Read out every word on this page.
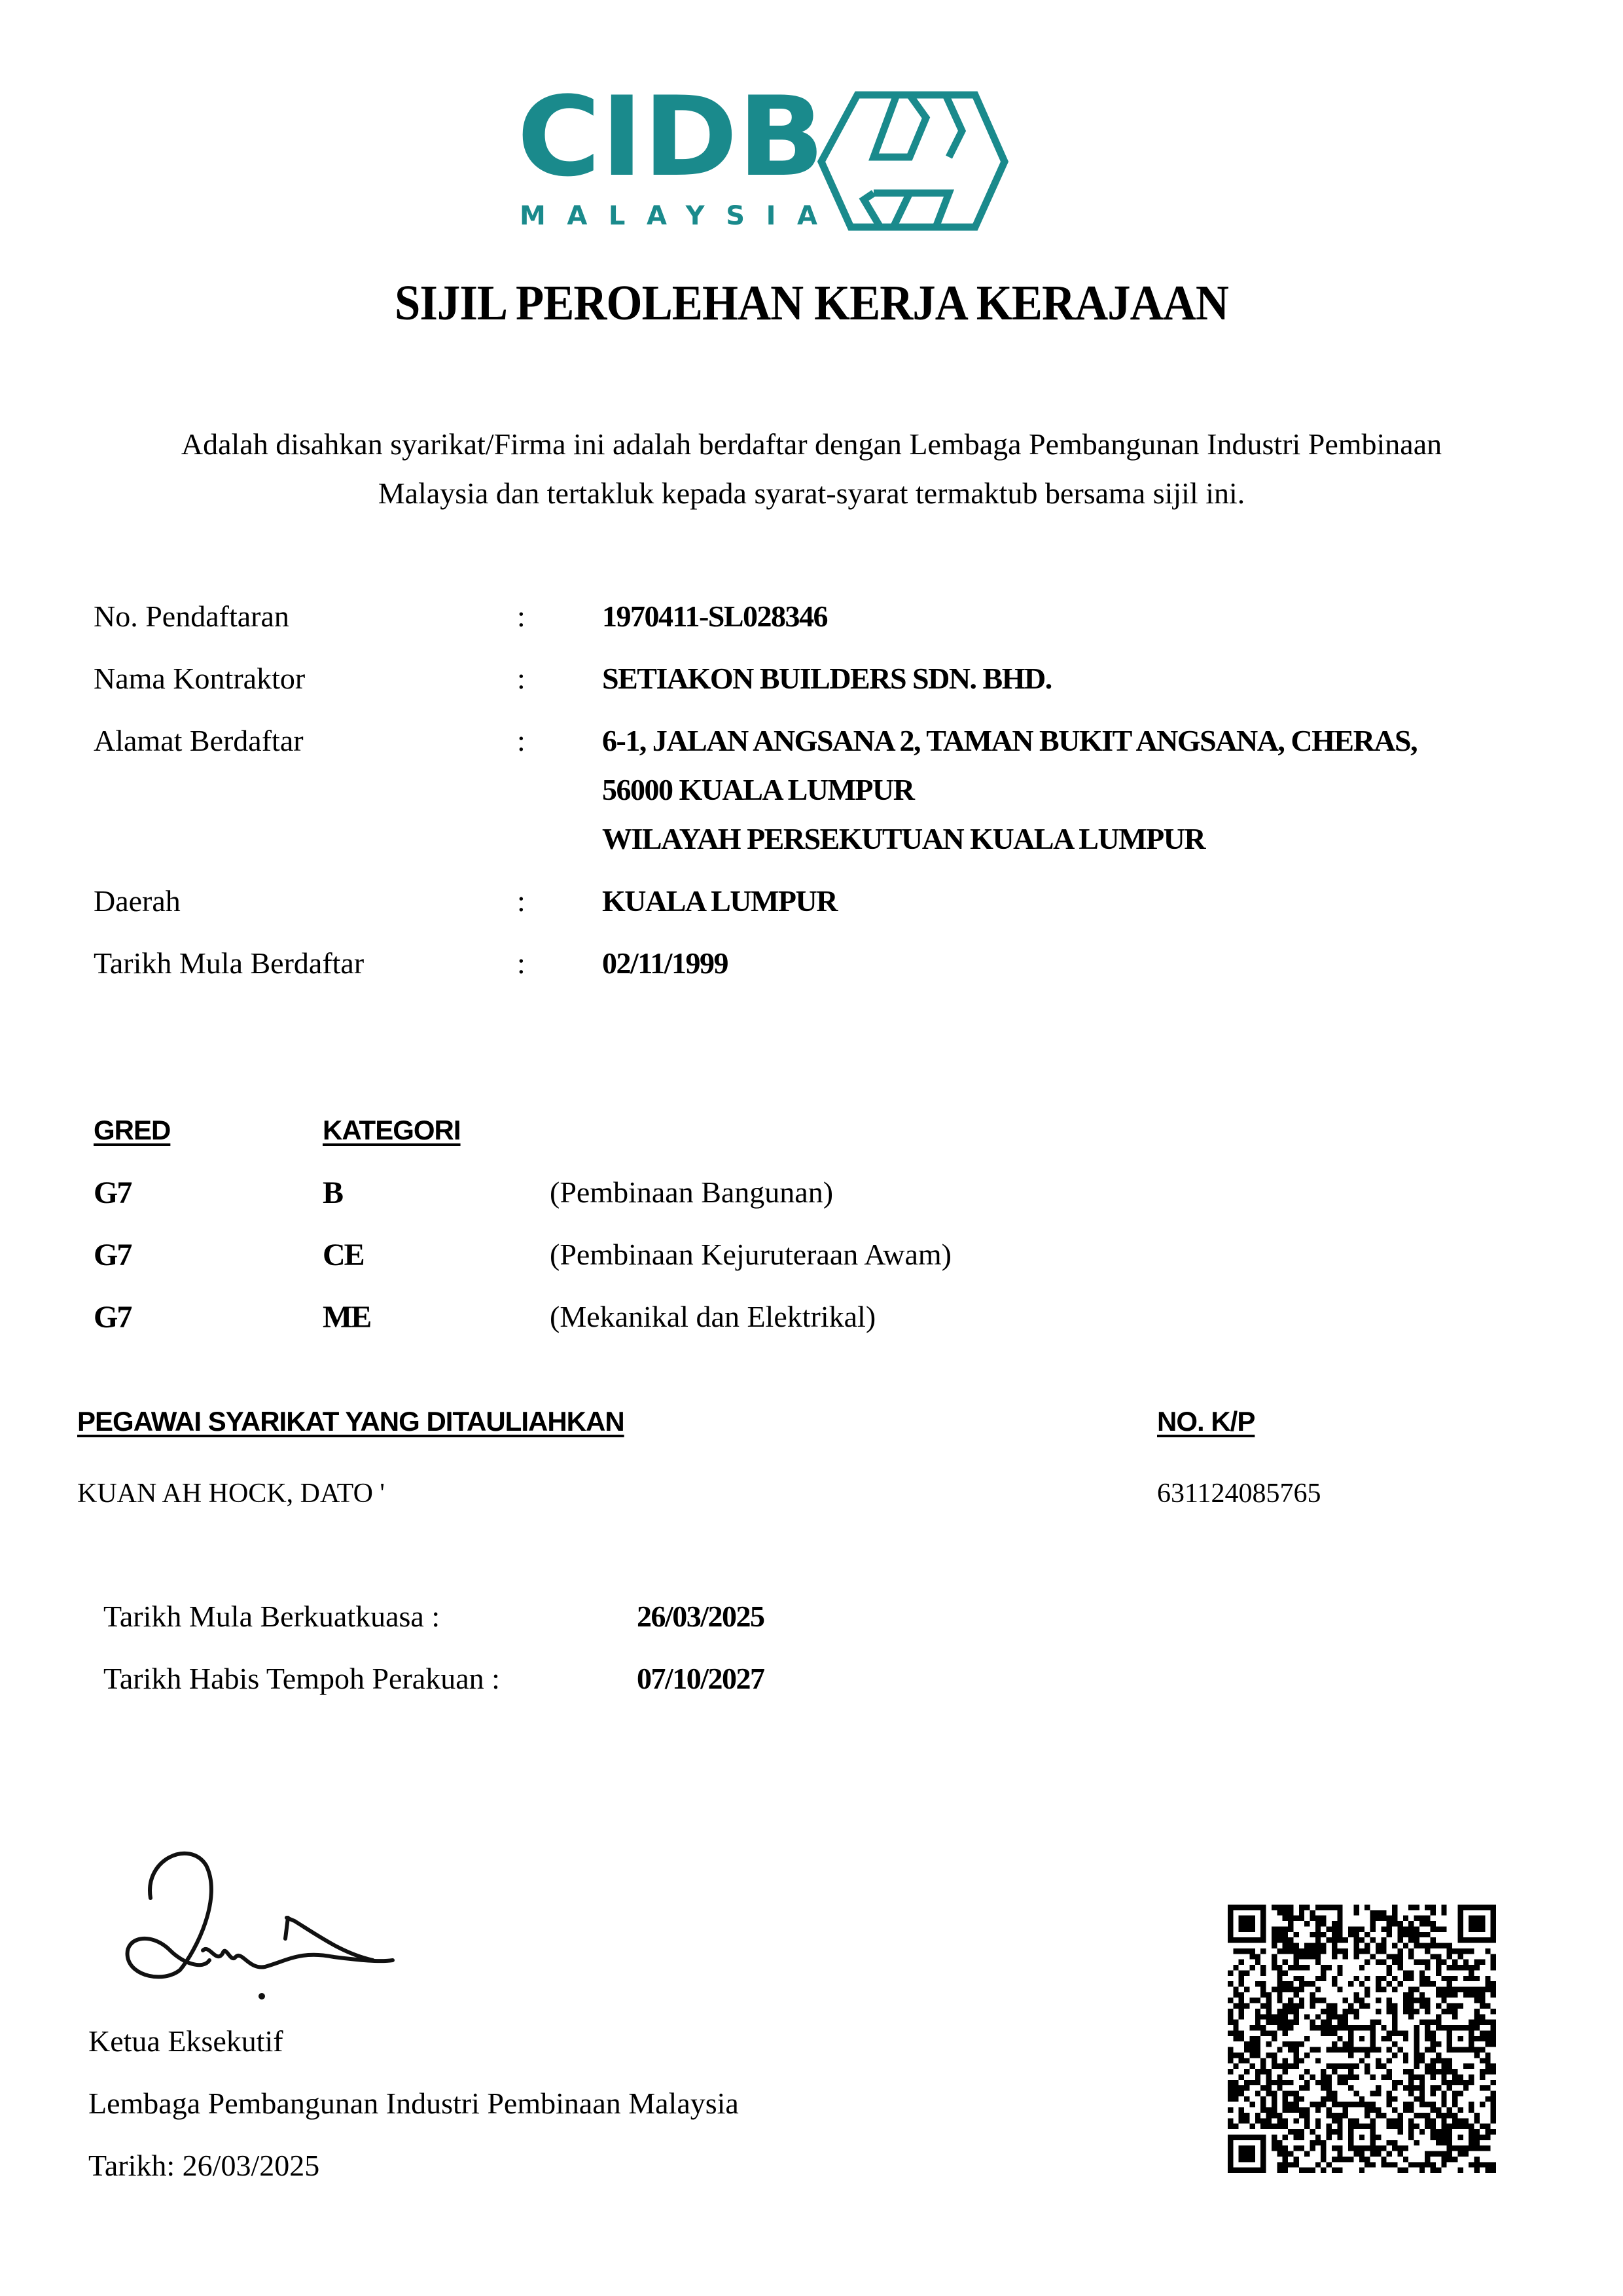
CIDB
MALAYSIA
SIJIL PEROLEHAN KERJA KERAJAAN
Adalah disahkan syarikat/Firma ini adalah berdaftar dengan Lembaga Pembangunan Industri Pembinaan
Malaysia dan tertakluk kepada syarat-syarat termaktub bersama sijil ini.
No. Pendaftaran	:	1970411-SL028346
Nama Kontraktor	:	SETIAKON BUILDERS SDN. BHD.
Alamat Berdaftar	:	6-1, JALAN ANGSANA 2, TAMAN BUKIT ANGSANA, CHERAS,
56000 KUALA LUMPUR
WILAYAH PERSEKUTUAN KUALA LUMPUR
Daerah	:	KUALA LUMPUR
Tarikh Mula Berdaftar	:	02/11/1999
GRED	KATEGORI
G7	B	(Pembinaan Bangunan)
G7	CE	(Pembinaan Kejuruteraan Awam)
G7	ME	(Mekanikal dan Elektrikal)
PEGAWAI SYARIKAT YANG DITAULIAHKAN	NO. K/P
KUAN AH HOCK, DATO '	631124085765
Tarikh Mula Berkuatkuasa :	26/03/2025
Tarikh Habis Tempoh Perakuan :	07/10/2027
Ketua Eksekutif
Lembaga Pembangunan Industri Pembinaan Malaysia
Tarikh: 26/03/2025
